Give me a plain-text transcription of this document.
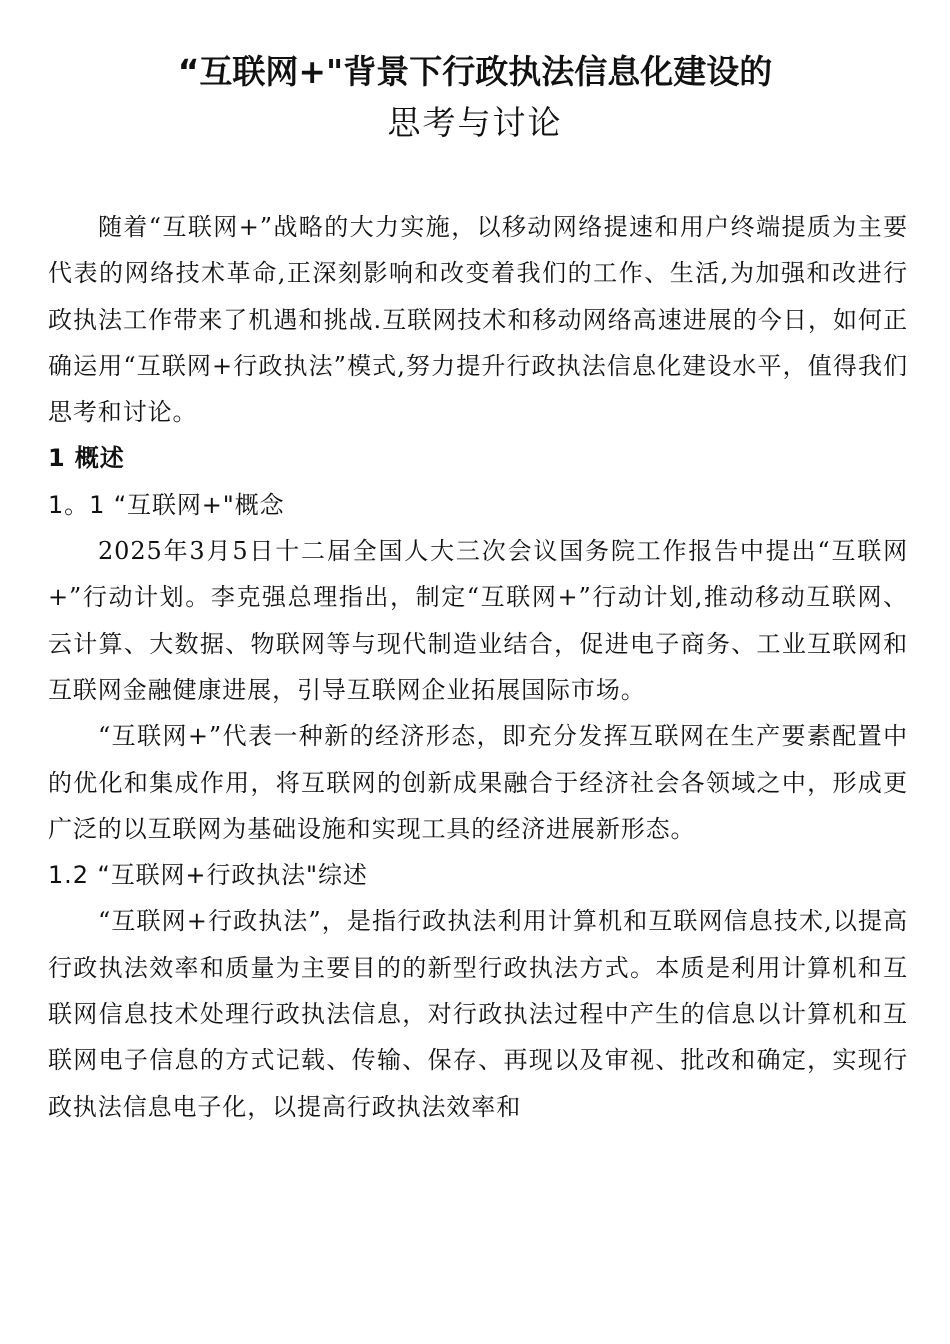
“互联网+"背景下行政执法信息化建设的
思考与讨论

随着“互联网+”战略的大力实施，以移动网络提速和用户终端提质为主要代表的网络技术革命,正深刻影响和改变着我们的工作、生活,为加强和改进行政执法工作带来了机遇和挑战.互联网技术和移动网络高速进展的今日，如何正确运用“互联网+行政执法”模式,努力提升行政执法信息化建设水平，值得我们思考和讨论。

1 概述

1。1 “互联网+"概念

2025年3月5日十二届全国人大三次会议国务院工作报告中提出“互联网+”行动计划。李克强总理指出，制定“互联网+”行动计划,推动移动互联网、云计算、大数据、物联网等与现代制造业结合，促进电子商务、工业互联网和互联网金融健康进展，引导互联网企业拓展国际市场。

“互联网+”代表一种新的经济形态，即充分发挥互联网在生产要素配置中的优化和集成作用，将互联网的创新成果融合于经济社会各领域之中，形成更广泛的以互联网为基础设施和实现工具的经济进展新形态。

1.2 “互联网+行政执法"综述

“互联网+行政执法”，是指行政执法利用计算机和互联网信息技术,以提高行政执法效率和质量为主要目的的新型行政执法方式。本质是利用计算机和互联网信息技术处理行政执法信息，对行政执法过程中产生的信息以计算机和互联网电子信息的方式记载、传输、保存、再现以及审视、批改和确定，实现行政执法信息电子化，以提高行政执法效率和
